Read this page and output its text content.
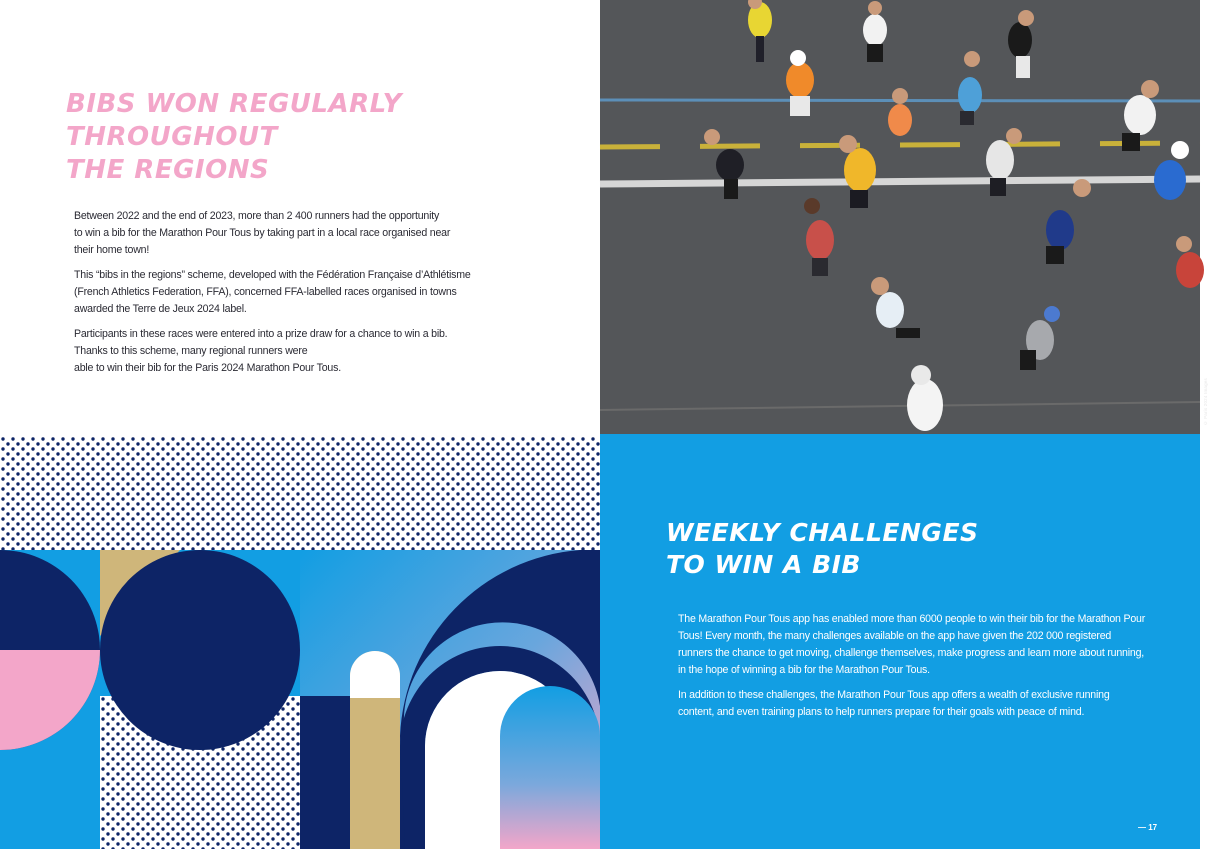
BIBS WON REGULARLY
THROUGHOUT
THE REGIONS

Between 2022 and the end of 2023, more than 2 400 runners had the opportunity
to win a bib for the Marathon Pour Tous by taking part in a local race organised near
their home town!

This “bibs in the regions” scheme, developed with the Fédération Française d’Athlétisme
(French Athletics Federation, FFA), concerned FFA-labelled races organised in towns
awarded the Terre de Jeux 2024 label.

Participants in these races were entered into a prize draw for a chance to win a bib.
Thanks to this scheme, many regional runners were
able to win their bib for the Paris 2024 Marathon Pour Tous.

© Paris 2024 Images
WEEKLY CHALLENGES
TO WIN A BIB

The Marathon Pour Tous app has enabled more than 6000 people to win their bib for the Marathon Pour Tous! Every month, the many challenges available on the app have given the 202 000 registered runners the chance to get moving, challenge themselves, make progress and learn more about running, in the hope of winning a bib for the Marathon Pour Tous.

In addition to these challenges, the Marathon Pour Tous app offers a wealth of exclusive running content, and even training plans to help runners prepare for their goals with peace of mind.

— 17
